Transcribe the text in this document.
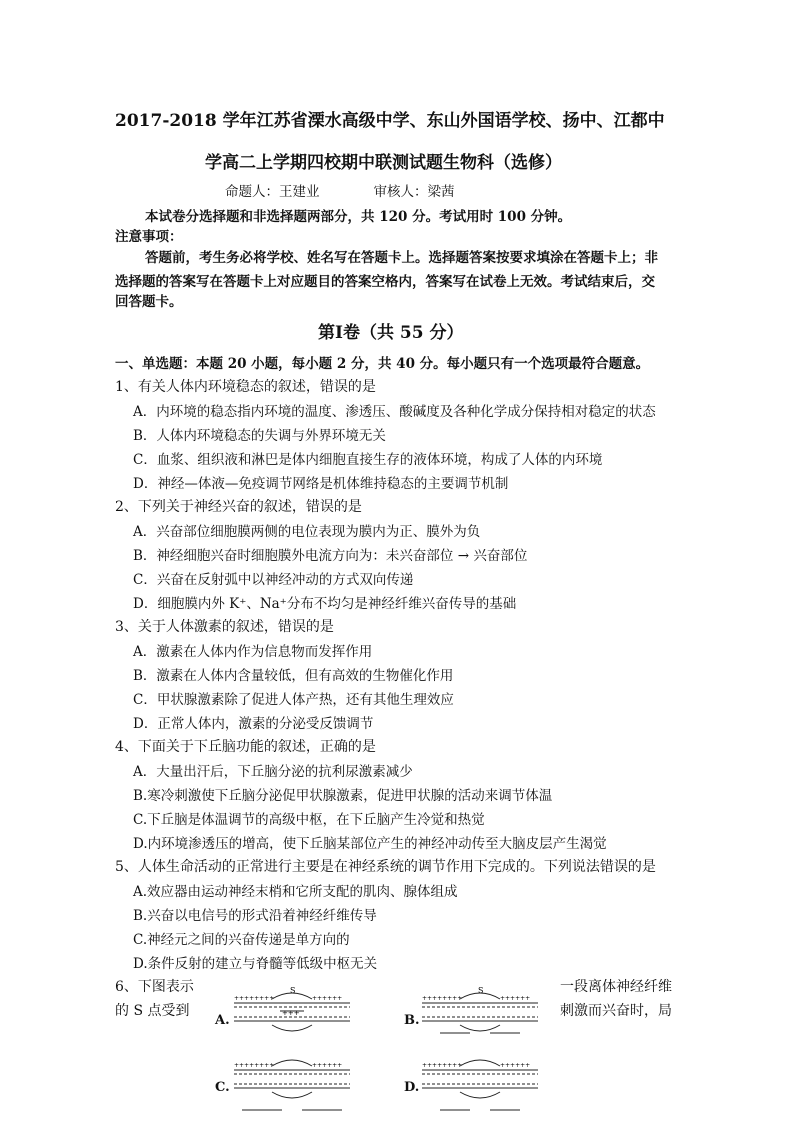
2017-2018 学年江苏省溧水高级中学、东山外国语学校、扬中、江都中
学高二上学期四校期中联测试题生物科（选修）
命题人：王建业　　　　审核人：梁茜
本试卷分选择题和非选择题两部分，共 120 分。考试用时 100 分钟。
注意事项：
答题前，考生务必将学校、姓名写在答题卡上。选择题答案按要求填涂在答题卡上；非
选择题的答案写在答题卡上对应题目的答案空格内，答案写在试卷上无效。考试结束后，交
回答题卡。
第Ⅰ卷（共 55 分）
一、单选题：本题 20 小题，每小题 2 分，共 40 分。每小题只有一个选项最符合题意。
1、有关人体内环境稳态的叙述，错误的是
A．内环境的稳态指内环境的温度、渗透压、酸碱度及各种化学成分保持相对稳定的状态
B．人体内环境稳态的失调与外界环境无关
C．血浆、组织液和淋巴是体内细胞直接生存的液体环境，构成了人体的内环境
D．神经—体液—免疫调节网络是机体维持稳态的主要调节机制
2、下列关于神经兴奋的叙述，错误的是
A．兴奋部位细胞膜两侧的电位表现为膜内为正、膜外为负
B．神经细胞兴奋时细胞膜外电流方向为：未兴奋部位 → 兴奋部位
C．兴奋在反射弧中以神经冲动的方式双向传递
D．细胞膜内外 K⁺、Na⁺分布不均匀是神经纤维兴奋传导的基础
3、关于人体激素的叙述，错误的是
A．激素在人体内作为信息物而发挥作用
B．激素在人体内含量较低，但有高效的生物催化作用
C．甲状腺激素除了促进人体产热，还有其他生理效应
D．正常人体内，激素的分泌受反馈调节
4、下面关于下丘脑功能的叙述，正确的是
A．大量出汗后，下丘脑分泌的抗利尿激素减少
B.寒冷刺激使下丘脑分泌促甲状腺激素，促进甲状腺的活动来调节体温
C.下丘脑是体温调节的高级中枢，在下丘脑产生冷觉和热觉
D.内环境渗透压的增高，使下丘脑某部位产生的神经冲动传至大脑皮层产生渴觉
5、人体生命活动的正常进行主要是在神经系统的调节作用下完成的。下列说法错误的是
A.效应器由运动神经末梢和它所支配的肌肉、腺体组成
B.兴奋以电信号的形式沿着神经纤维传导
C.神经元之间的兴奋传递是单方向的
D.条件反射的建立与脊髓等低级中枢无关
6、下图表示
的 S 点受到
一段离体神经纤维
刺激而兴奋时，局
A.	B.
C.	D.
S
++++++++	++++++
+++
S
++++++++	++++++
++++++++	++++++	++++++++	++++++
